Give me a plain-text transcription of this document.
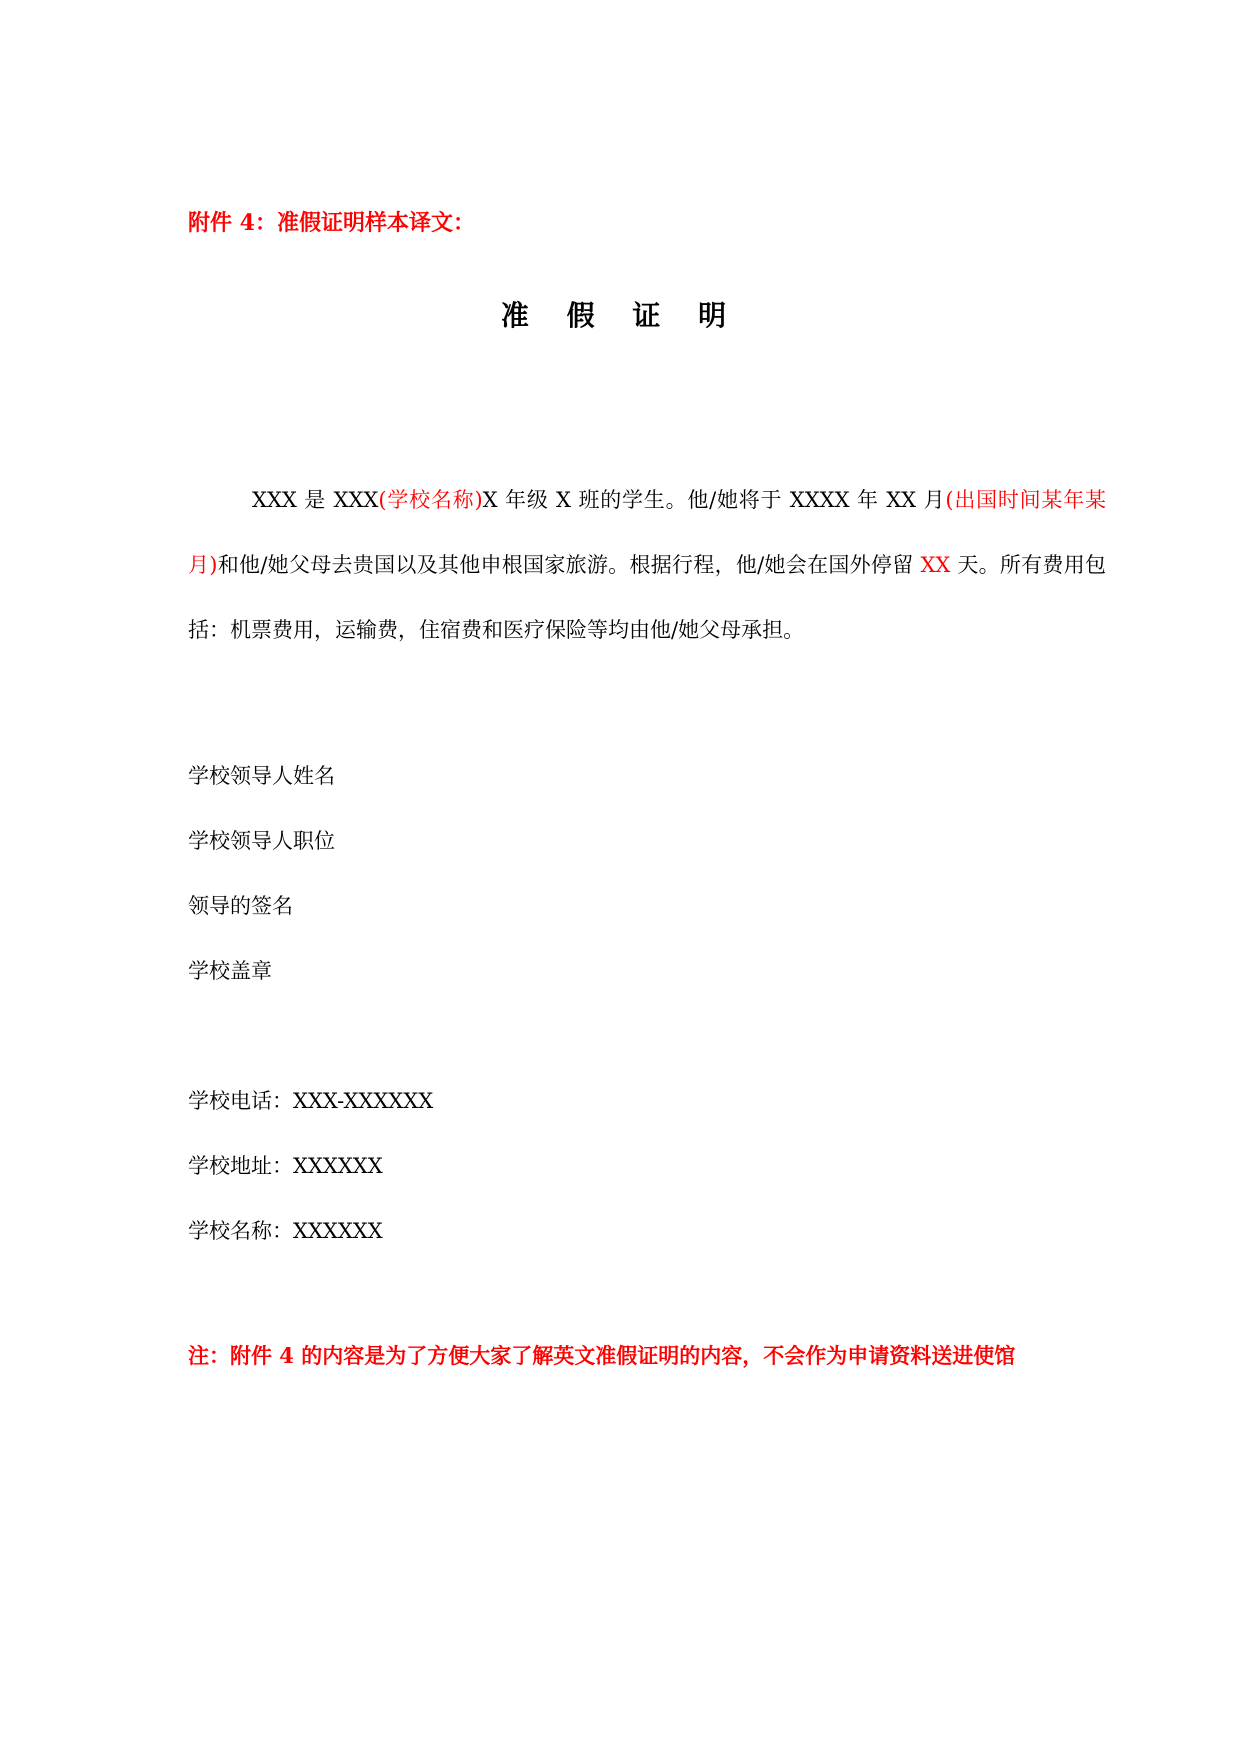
附件 4：准假证明样本译文：
准 假 证 明

XXX 是 XXX(学校名称)X 年级 X 班的学生。他/她将于 XXXX 年 XX 月(出国时间某年某月)和他/她父母去贵国以及其他申根国家旅游。根据行程，他/她会在国外停留 XX 天。所有费用包括：机票费用，运输费，住宿费和医疗保险等均由他/她父母承担。

学校领导人姓名
学校领导人职位
领导的签名
学校盖章
学校电话：XXX-XXXXXX
学校地址：XXXXXX
学校名称：XXXXXX
注：附件 4 的内容是为了方便大家了解英文准假证明的内容，不会作为申请资料送进使馆
